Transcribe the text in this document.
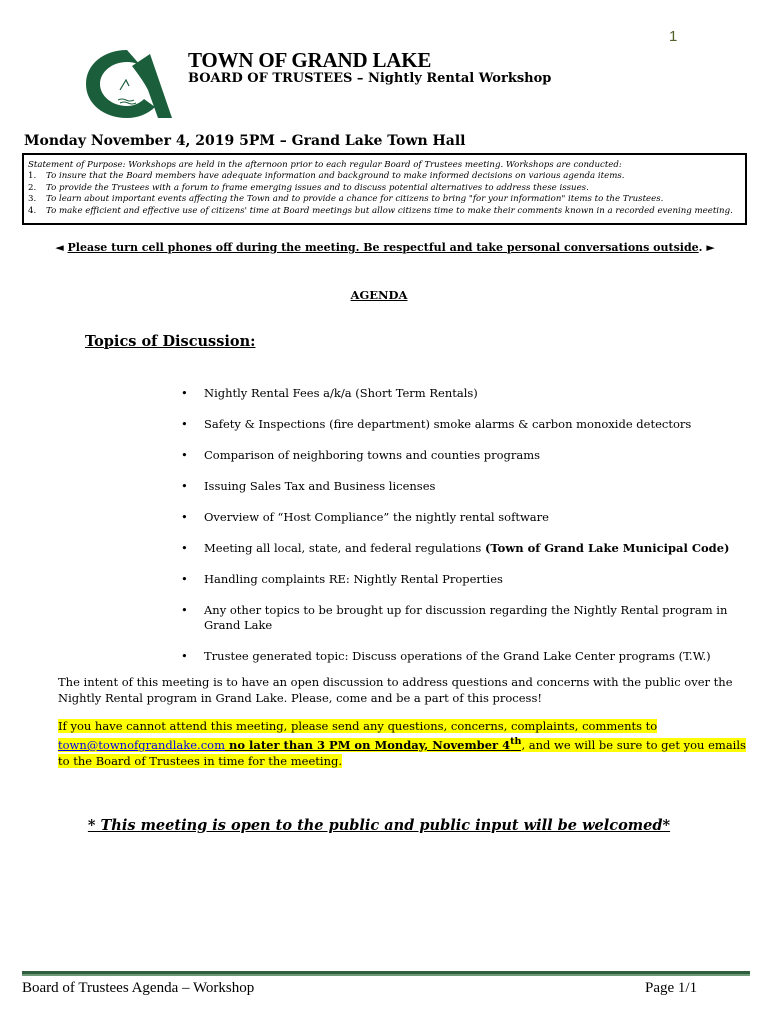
1
TOWN OF GRAND LAKE
BOARD OF TRUSTEES – Nightly Rental Workshop
Monday November 4, 2019 5PM – Grand Lake Town Hall
Statement of Purpose: Workshops are held in the afternoon prior to each regular Board of Trustees meeting. Workshops are conducted:
1. To insure that the Board members have adequate information and background to make informed decisions on various agenda items.
2. To provide the Trustees with a forum to frame emerging issues and to discuss potential alternatives to address these issues.
3. To learn about important events affecting the Town and to provide a chance for citizens to bring "for your information" items to the Trustees.
4. To make efficient and effective use of citizens' time at Board meetings but allow citizens time to make their comments known in a recorded evening meeting.
◄ Please turn cell phones off during the meeting. Be respectful and take personal conversations outside. ►
AGENDA
Topics of Discussion:
• Nightly Rental Fees a/k/a (Short Term Rentals)
• Safety & Inspections (fire department) smoke alarms & carbon monoxide detectors
• Comparison of neighboring towns and counties programs
• Issuing Sales Tax and Business licenses
• Overview of “Host Compliance” the nightly rental software
• Meeting all local, state, and federal regulations (Town of Grand Lake Municipal Code)
• Handling complaints RE: Nightly Rental Properties
• Any other topics to be brought up for discussion regarding the Nightly Rental program in Grand Lake
• Trustee generated topic: Discuss operations of the Grand Lake Center programs (T.W.)
The intent of this meeting is to have an open discussion to address questions and concerns with the public over the Nightly Rental program in Grand Lake. Please, come and be a part of this process!
If you have cannot attend this meeting, please send any questions, concerns, complaints, comments to town@townofgrandlake.com no later than 3 PM on Monday, November 4th, and we will be sure to get you emails to the Board of Trustees in time for the meeting.
* This meeting is open to the public and public input will be welcomed*
Board of Trustees Agenda – Workshop	Page 1/1
